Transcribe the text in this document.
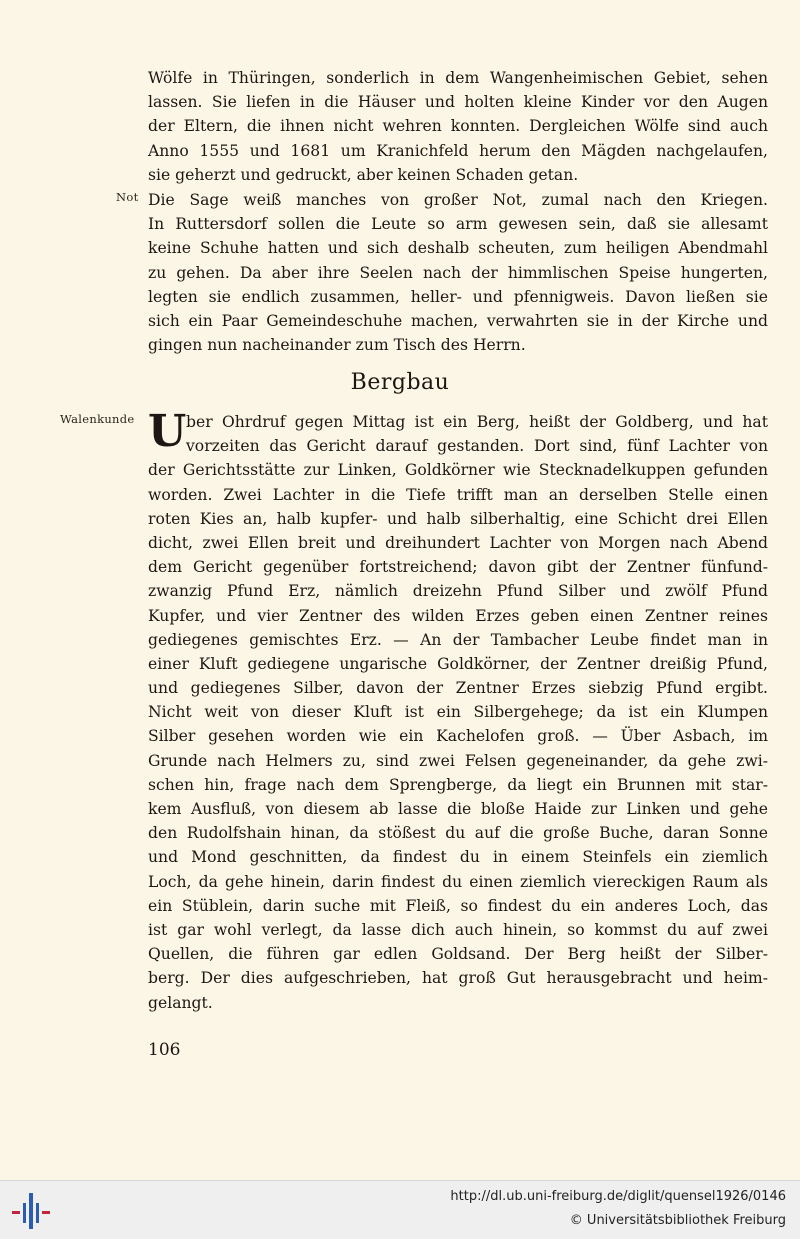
Wölfe in Thüringen, sonderlich in dem Wangenheimischen Gebiet, sehen
lassen. Sie liefen in die Häuser und holten kleine Kinder vor den Augen
der Eltern, die ihnen nicht wehren konnten. Dergleichen Wölfe sind auch
Anno 1555 und 1681 um Kranichfeld herum den Mägden nachgelaufen,
sie geherzt und gedruckt, aber keinen Schaden getan.
Not Die Sage weiß manches von großer Not, zumal nach den Kriegen.
In Ruttersdorf sollen die Leute so arm gewesen sein, daß sie allesamt
keine Schuhe hatten und sich deshalb scheuten, zum heiligen Abendmahl
zu gehen. Da aber ihre Seelen nach der himmlischen Speise hungerten,
legten sie endlich zusammen, heller- und pfennigweis. Davon ließen sie
sich ein Paar Gemeindeschuhe machen, verwahrten sie in der Kirche und
gingen nun nacheinander zum Tisch des Herrn.
Bergbau
Walenkunde U ber Ohrdruf gegen Mittag ist ein Berg, heißt der Goldberg, und hat
vorzeiten das Gericht darauf gestanden. Dort sind, fünf Lachter von
der Gerichtsstätte zur Linken, Goldkörner wie Stecknadelkuppen gefunden
worden. Zwei Lachter in die Tiefe trifft man an derselben Stelle einen
roten Kies an, halb kupfer- und halb silberhaltig, eine Schicht drei Ellen
dicht, zwei Ellen breit und dreihundert Lachter von Morgen nach Abend
dem Gericht gegenüber fortstreichend; davon gibt der Zentner fünfund-
zwanzig Pfund Erz, nämlich dreizehn Pfund Silber und zwölf Pfund
Kupfer, und vier Zentner des wilden Erzes geben einen Zentner reines
gediegenes gemischtes Erz. — An der Tambacher Leube findet man in
einer Kluft gediegene ungarische Goldkörner, der Zentner dreißig Pfund,
und gediegenes Silber, davon der Zentner Erzes siebzig Pfund ergibt.
Nicht weit von dieser Kluft ist ein Silbergehege; da ist ein Klumpen
Silber gesehen worden wie ein Kachelofen groß. — Über Asbach, im
Grunde nach Helmers zu, sind zwei Felsen gegeneinander, da gehe zwi-
schen hin, frage nach dem Sprengberge, da liegt ein Brunnen mit star-
kem Ausfluß, von diesem ab lasse die bloße Haide zur Linken und gehe
den Rudolfshain hinan, da stößest du auf die große Buche, daran Sonne
und Mond geschnitten, da findest du in einem Steinfels ein ziemlich
Loch, da gehe hinein, darin findest du einen ziemlich viereckigen Raum als
ein Stüblein, darin suche mit Fleiß, so findest du ein anderes Loch, das
ist gar wohl verlegt, da lasse dich auch hinein, so kommst du auf zwei
Quellen, die führen gar edlen Goldsand. Der Berg heißt der Silber-
berg. Der dies aufgeschrieben, hat groß Gut herausgebracht und heim-
gelangt.
106
http://dl.ub.uni-freiburg.de/diglit/quensel1926/0146
© Universitätsbibliothek Freiburg
